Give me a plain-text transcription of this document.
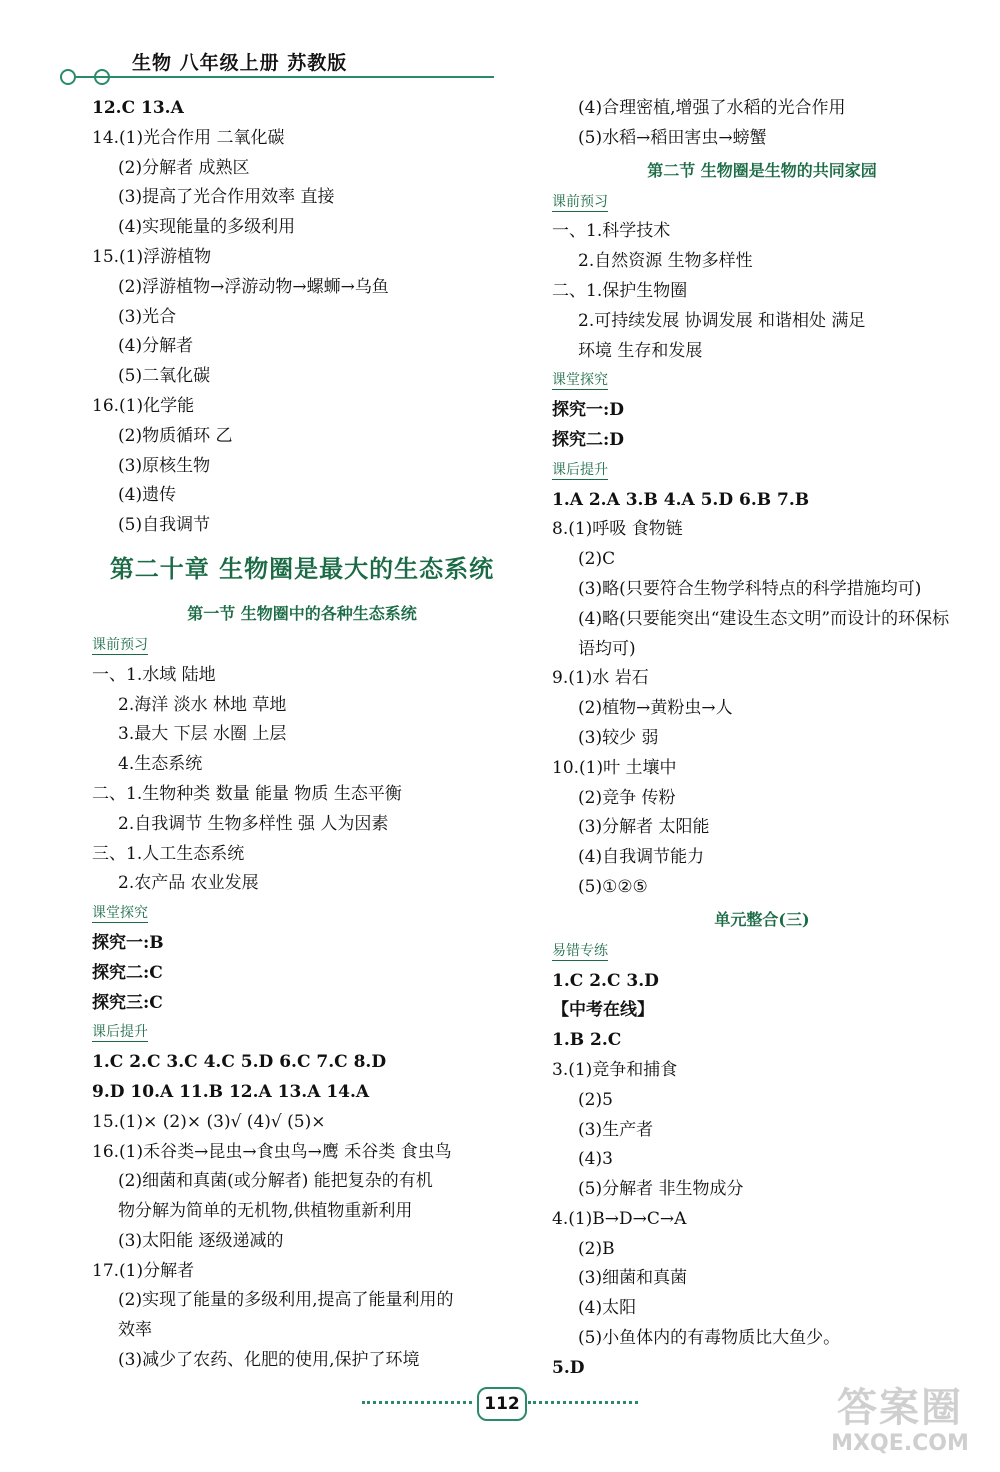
生物 八年级上册 苏教版
12.C 13.A
14.(1)光合作用 二氧化碳
(2)分解者 成熟区
(3)提高了光合作用效率 直接
(4)实现能量的多级利用
15.(1)浮游植物
(2)浮游植物→浮游动物→螺蛳→乌鱼
(3)光合
(4)分解者
(5)二氧化碳
16.(1)化学能
(2)物质循环 乙
(3)原核生物
(4)遗传
(5)自我调节
第二十章 生物圈是最大的生态系统
第一节 生物圈中的各种生态系统
课前预习
一、1.水域 陆地
2.海洋 淡水 林地 草地
3.最大 下层 水圈 上层
4.生态系统
二、1.生物种类 数量 能量 物质 生态平衡
2.自我调节 生物多样性 强 人为因素
三、1.人工生态系统
2.农产品 农业发展
课堂探究
探究一:B
探究二:C
探究三:C
课后提升
1.C 2.C 3.C 4.C 5.D 6.C 7.C 8.D
9.D 10.A 11.B 12.A 13.A 14.A
15.(1)× (2)× (3)√ (4)√ (5)×
16.(1)禾谷类→昆虫→食虫鸟→鹰 禾谷类 食虫鸟
(2)细菌和真菌(或分解者) 能把复杂的有机
物分解为简单的无机物,供植物重新利用
(3)太阳能 逐级递减的
17.(1)分解者
(2)实现了能量的多级利用,提高了能量利用的
效率
(3)减少了农药、化肥的使用,保护了环境
(4)合理密植,增强了水稻的光合作用
(5)水稻→稻田害虫→螃蟹
第二节 生物圈是生物的共同家园
课前预习
一、1.科学技术
2.自然资源 生物多样性
二、1.保护生物圈
2.可持续发展 协调发展 和谐相处 满足
环境 生存和发展
课堂探究
探究一:D
探究二:D
课后提升
1.A 2.A 3.B 4.A 5.D 6.B 7.B
8.(1)呼吸 食物链
(2)C
(3)略(只要符合生物学科特点的科学措施均可)
(4)略(只要能突出“建设生态文明”而设计的环保标
语均可)
9.(1)水 岩石
(2)植物→黄粉虫→人
(3)较少 弱
10.(1)叶 土壤中
(2)竞争 传粉
(3)分解者 太阳能
(4)自我调节能力
(5)①②⑤
单元整合(三)
易错专练
1.C 2.C 3.D
【中考在线】
1.B 2.C
3.(1)竞争和捕食
(2)5
(3)生产者
(4)3
(5)分解者 非生物成分
4.(1)B→D→C→A
(2)B
(3)细菌和真菌
(4)太阳
(5)小鱼体内的有毒物质比大鱼少。
5.D
112	答案圈
MXQE.COM
